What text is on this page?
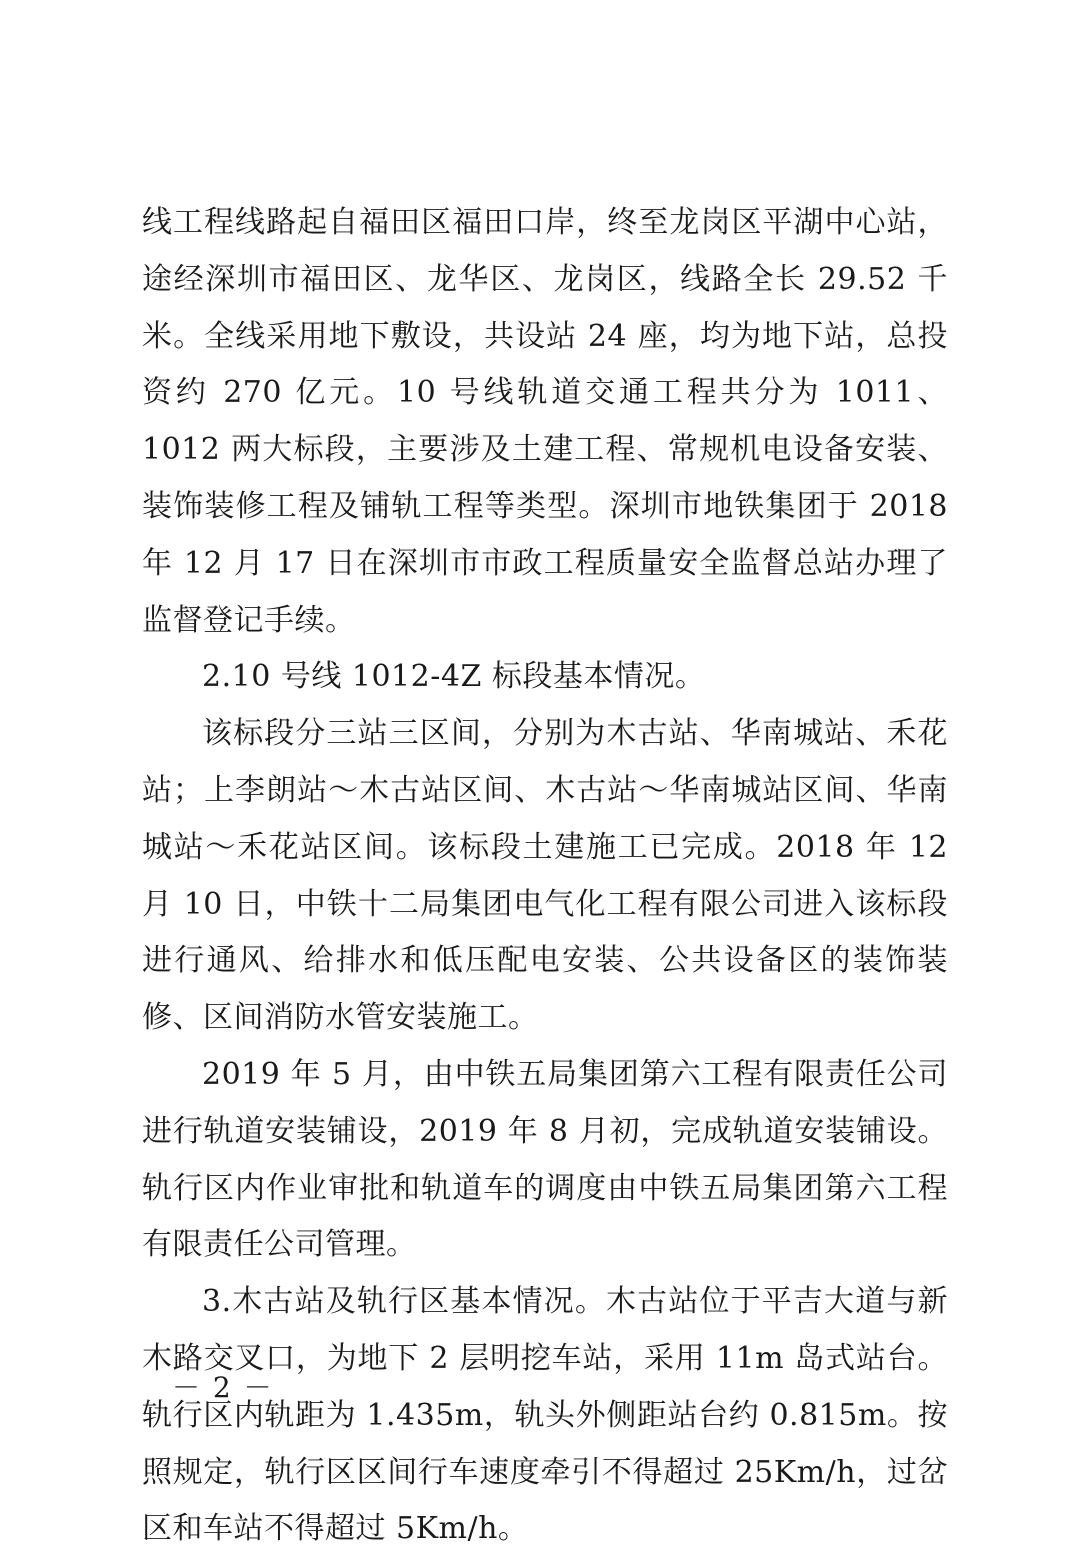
线工程线路起自福田区福田口岸，终至龙岗区平湖中心站，途经深圳市福田区、龙华区、龙岗区，线路全长 29.52 千米。全线采用地下敷设，共设站 24 座，均为地下站，总投资约 270 亿元。10 号线轨道交通工程共分为 1011、1012 两大标段，主要涉及土建工程、常规机电设备安装、装饰装修工程及铺轨工程等类型。深圳市地铁集团于 2018 年 12 月 17 日在深圳市市政工程质量安全监督总站办理了监督登记手续。

2.10 号线 1012-4Z 标段基本情况。

该标段分三站三区间，分别为木古站、华南城站、禾花站；上李朗站～木古站区间、木古站～华南城站区间、华南城站～禾花站区间。该标段土建施工已完成。2018 年 12 月 10 日，中铁十二局集团电气化工程有限公司进入该标段进行通风、给排水和低压配电安装、公共设备区的装饰装修、区间消防水管安装施工。

2019 年 5 月，由中铁五局集团第六工程有限责任公司进行轨道安装铺设，2019 年 8 月初，完成轨道安装铺设。轨行区内作业审批和轨道车的调度由中铁五局集团第六工程有限责任公司管理。

3.木古站及轨行区基本情况。木古站位于平吉大道与新木路交叉口，为地下 2 层明挖车站，采用 11m 岛式站台。轨行区内轨距为 1.435m，轨头外侧距站台约 0.815m。按照规定，轨行区区间行车速度牵引不得超过 25Km/h，过岔区和车站不得超过 5Km/h。

－ 2 －
